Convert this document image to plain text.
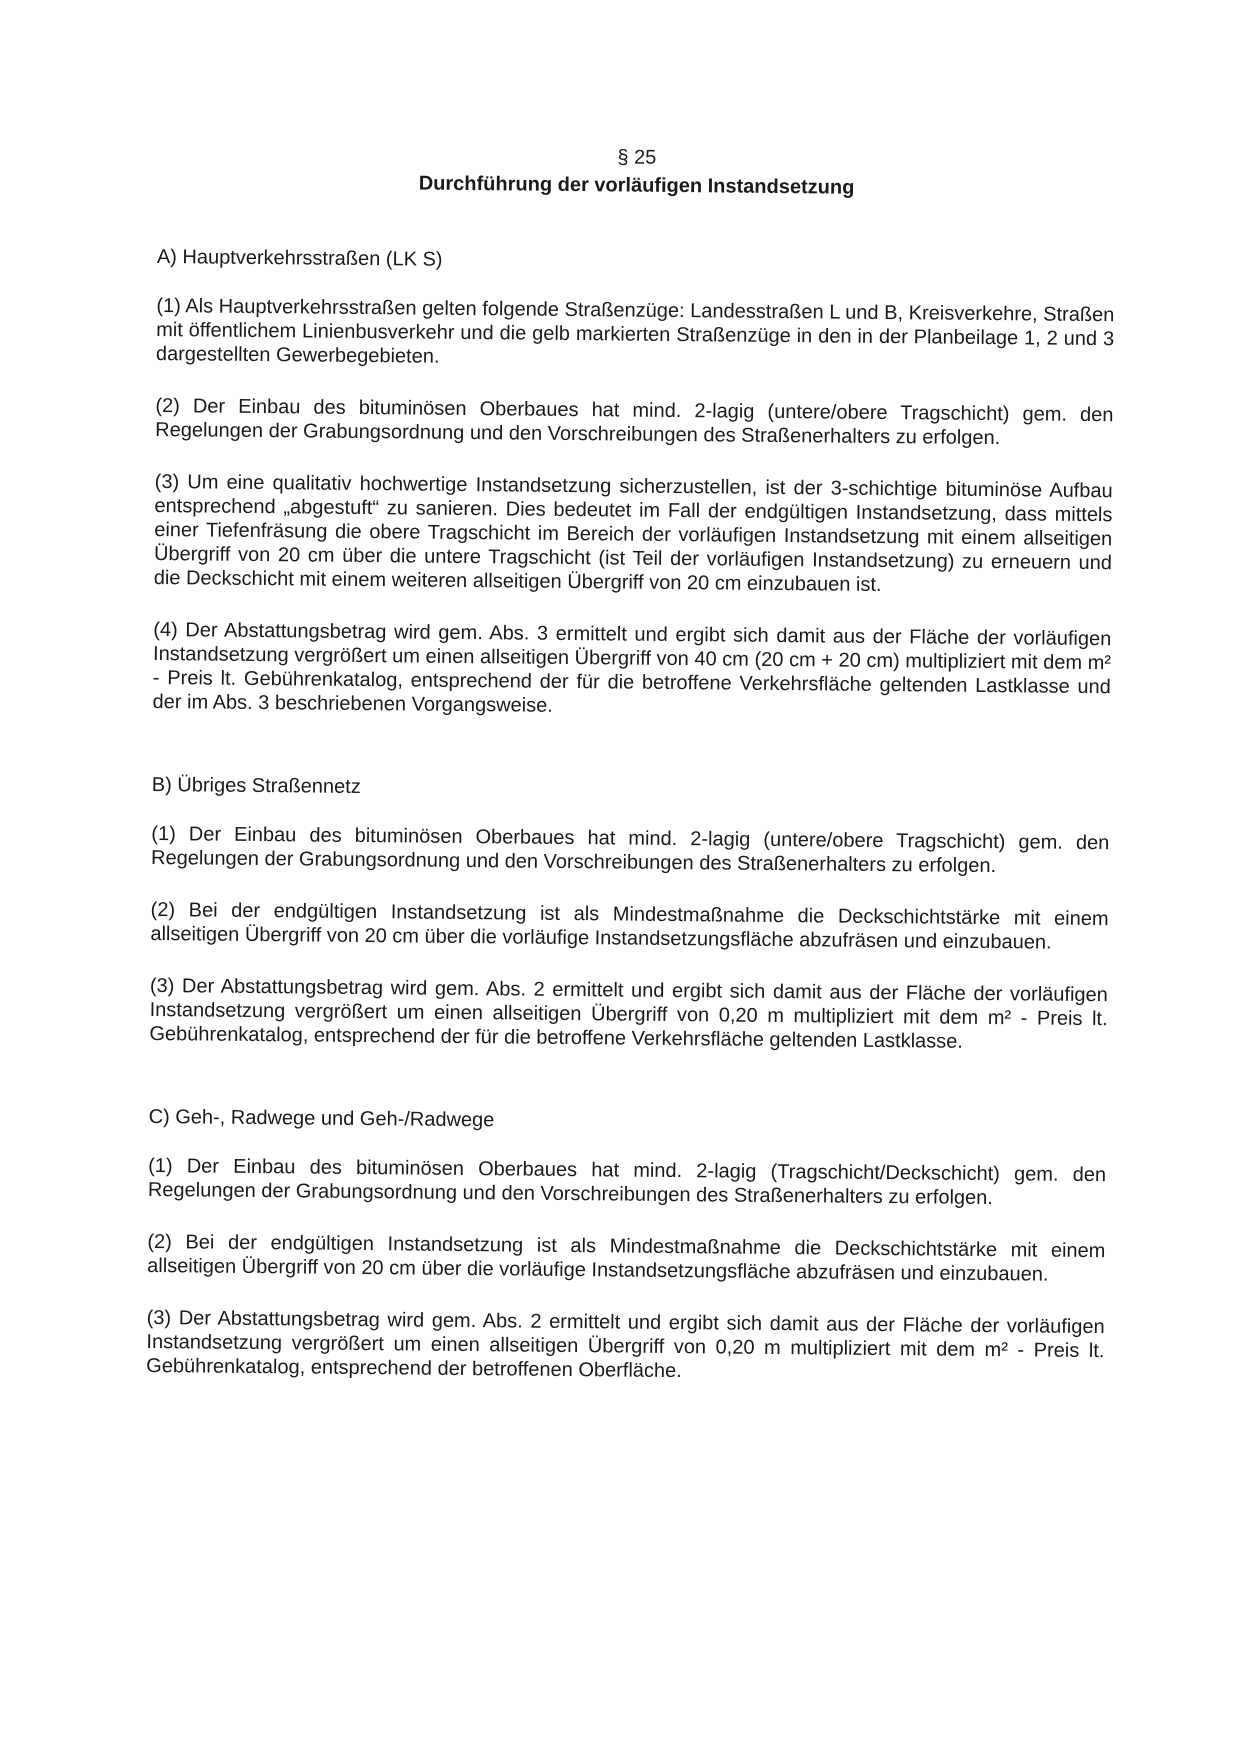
§ 25
Durchführung der vorläufigen Instandsetzung

A) Hauptverkehrsstraßen (LK S)

(1) Als Hauptverkehrsstraßen gelten folgende Straßenzüge: Landesstraßen L und B, Kreisverkehre, Straßen mit öffentlichem Linienbusverkehr und die gelb markierten Straßenzüge in den in der Planbeilage 1, 2 und 3 dargestellten Gewerbegebieten.

(2) Der Einbau des bituminösen Oberbaues hat mind. 2-lagig (untere/obere Tragschicht) gem. den Regelungen der Grabungsordnung und den Vorschreibungen des Straßenerhalters zu erfolgen.

(3) Um eine qualitativ hochwertige Instandsetzung sicherzustellen, ist der 3-schichtige bituminöse Aufbau entsprechend „abgestuft“ zu sanieren. Dies bedeutet im Fall der endgültigen Instandsetzung, dass mittels einer Tiefenfräsung die obere Tragschicht im Bereich der vorläufigen Instandsetzung mit einem allseitigen Übergriff von 20 cm über die untere Tragschicht (ist Teil der vorläufigen Instandsetzung) zu erneuern und die Deckschicht mit einem weiteren allseitigen Übergriff von 20 cm einzubauen ist.

(4) Der Abstattungsbetrag wird gem. Abs. 3 ermittelt und ergibt sich damit aus der Fläche der vorläufigen Instandsetzung vergrößert um einen allseitigen Übergriff von 40 cm (20 cm + 20 cm) multipliziert mit dem m² - Preis lt. Gebührenkatalog, entsprechend der für die betroffene Verkehrsfläche geltenden Lastklasse und der im Abs. 3 beschriebenen Vorgangsweise.

B) Übriges Straßennetz

(1) Der Einbau des bituminösen Oberbaues hat mind. 2-lagig (untere/obere Tragschicht) gem. den Regelungen der Grabungsordnung und den Vorschreibungen des Straßenerhalters zu erfolgen.

(2) Bei der endgültigen Instandsetzung ist als Mindestmaßnahme die Deckschichtstärke mit einem allseitigen Übergriff von 20 cm über die vorläufige Instandsetzungsfläche abzufräsen und einzubauen.

(3) Der Abstattungsbetrag wird gem. Abs. 2 ermittelt und ergibt sich damit aus der Fläche der vorläufigen Instandsetzung vergrößert um einen allseitigen Übergriff von 0,20 m multipliziert mit dem m² - Preis lt. Gebührenkatalog, entsprechend der für die betroffene Verkehrsfläche geltenden Lastklasse.

C) Geh-, Radwege und Geh-/Radwege

(1) Der Einbau des bituminösen Oberbaues hat mind. 2-lagig (Tragschicht/Deckschicht) gem. den Regelungen der Grabungsordnung und den Vorschreibungen des Straßenerhalters zu erfolgen.

(2) Bei der endgültigen Instandsetzung ist als Mindestmaßnahme die Deckschichtstärke mit einem allseitigen Übergriff von 20 cm über die vorläufige Instandsetzungsfläche abzufräsen und einzubauen.

(3) Der Abstattungsbetrag wird gem. Abs. 2 ermittelt und ergibt sich damit aus der Fläche der vorläufigen Instandsetzung vergrößert um einen allseitigen Übergriff von 0,20 m multipliziert mit dem m² - Preis lt. Gebührenkatalog, entsprechend der betroffenen Oberfläche.
